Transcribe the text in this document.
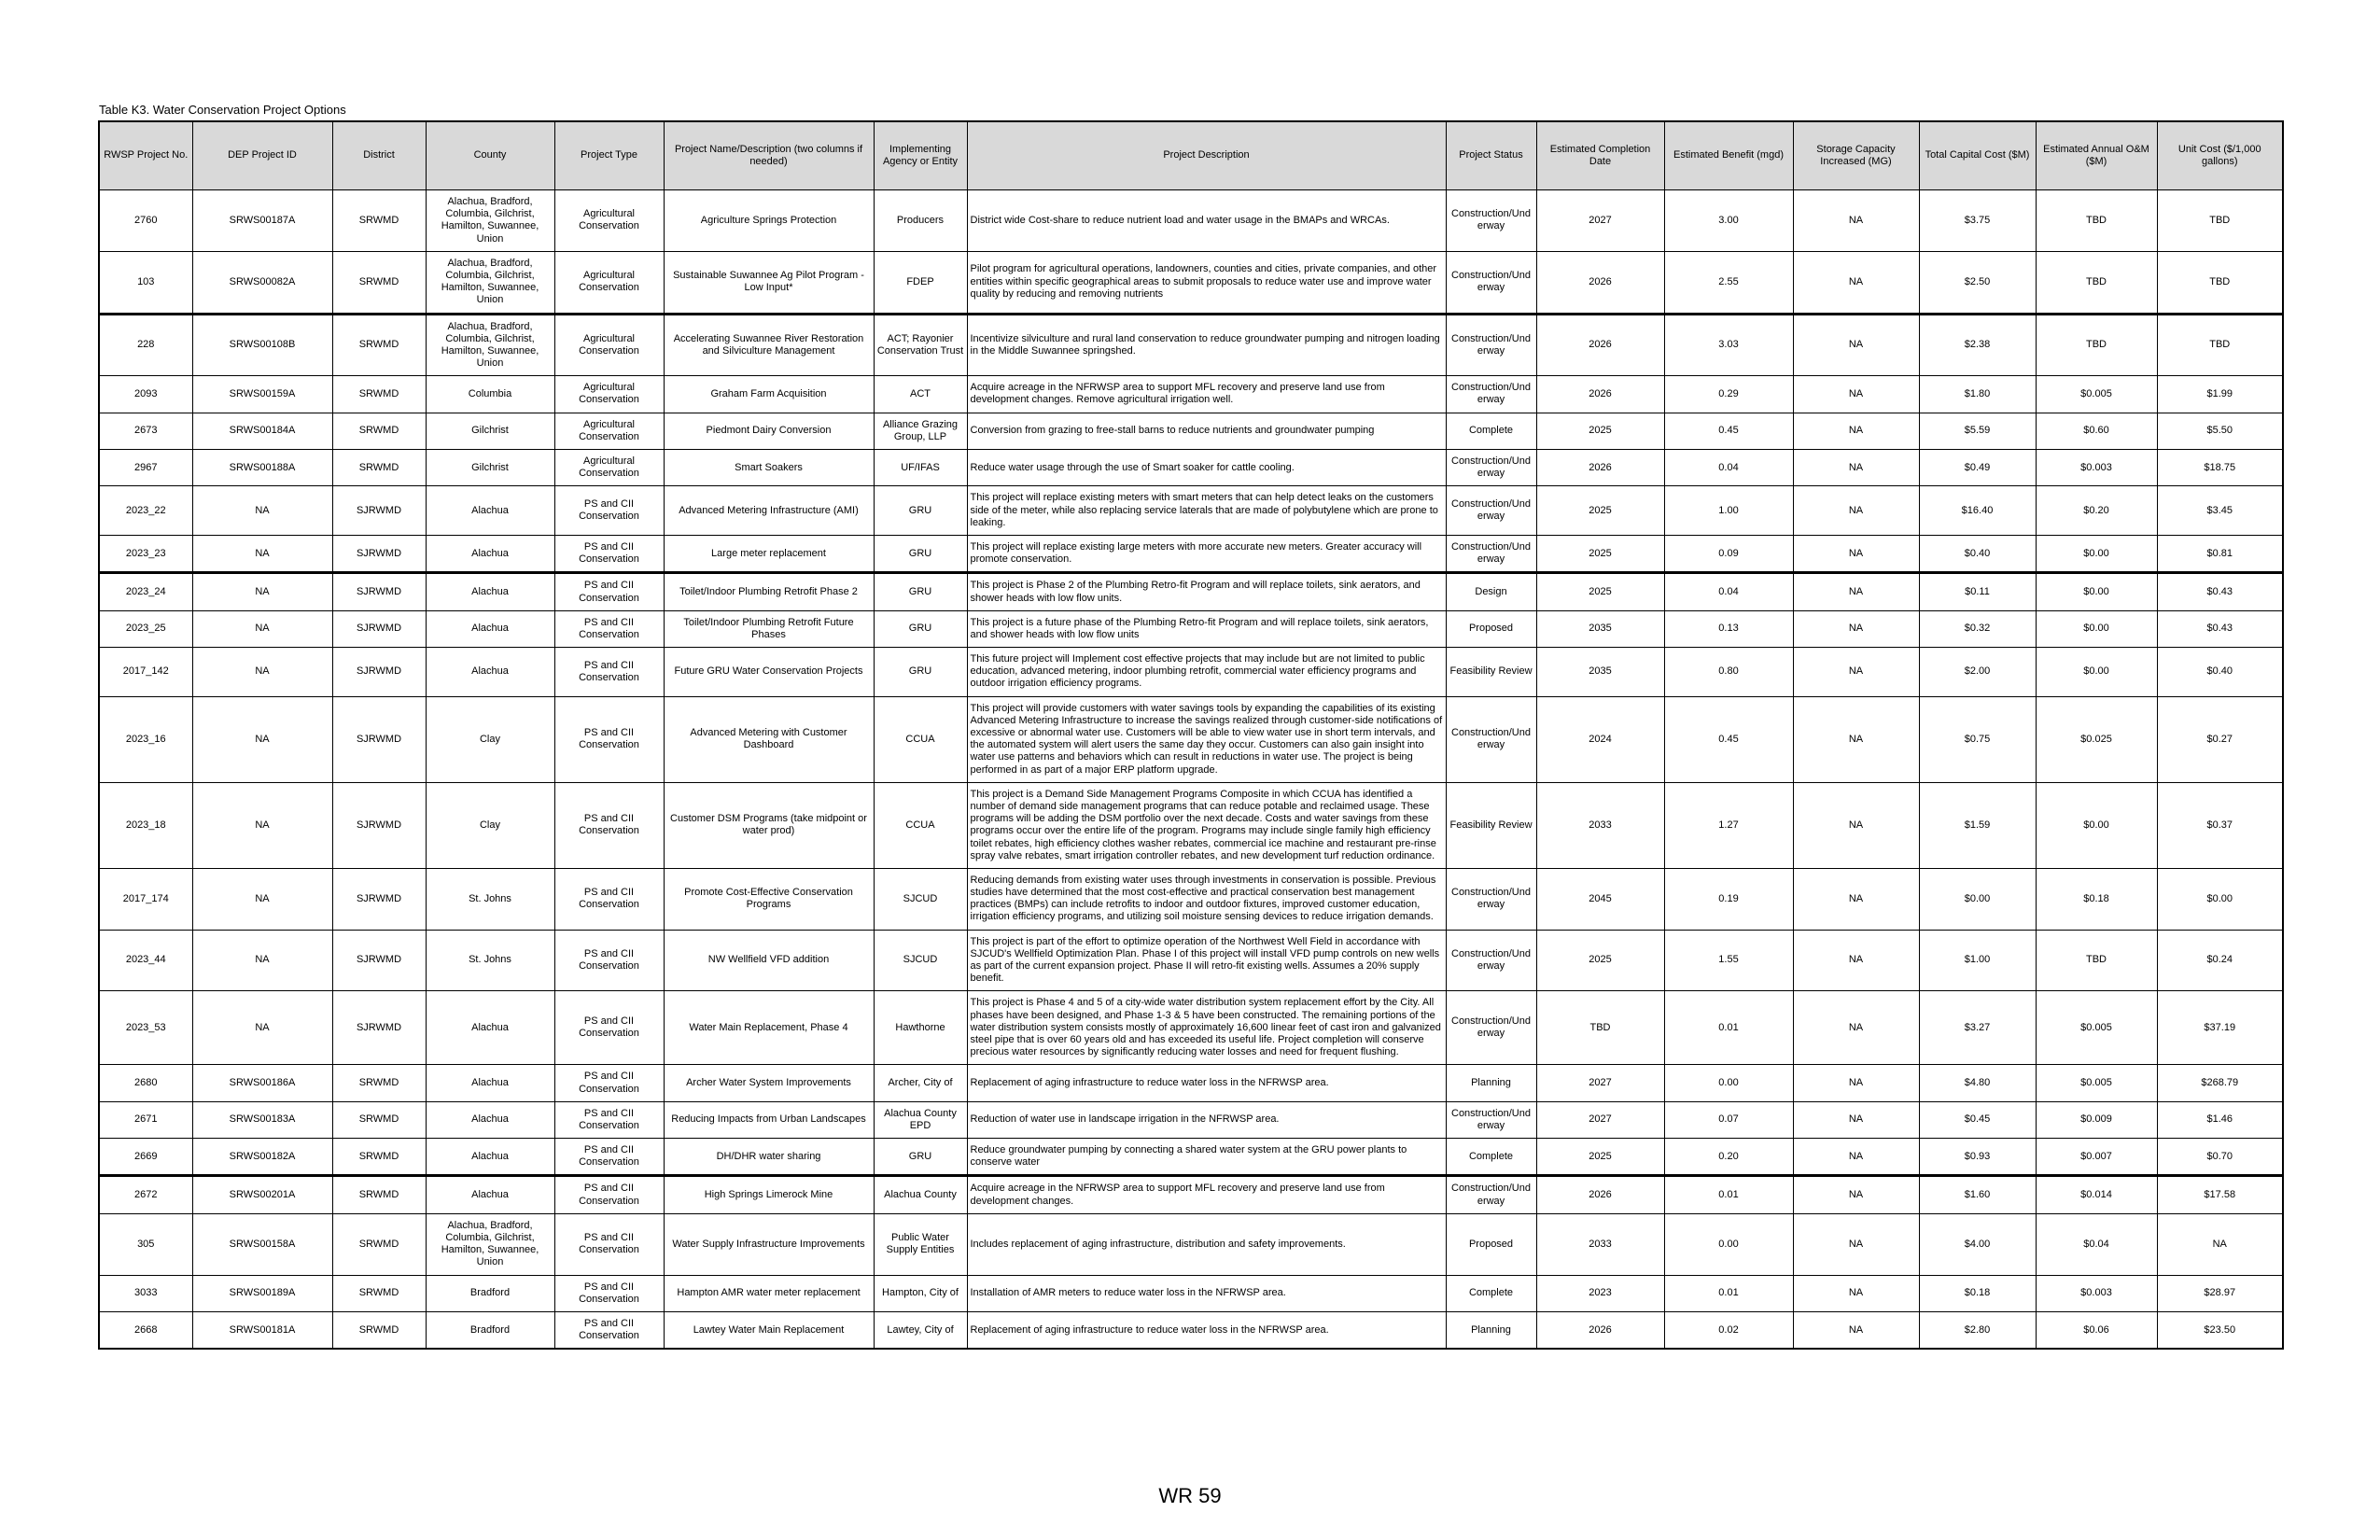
Table K3. Water Conservation Project Options
RWSP Project No.	DEP Project ID	District	County	Project Type	Project Name/Description (two columns if needed)	Implementing Agency or Entity	Project Description	Project Status	Estimated Completion Date	Estimated Benefit (mgd)	Storage Capacity Increased (MG)	Total Capital Cost ($M)	Estimated Annual O&M ($M)	Unit Cost ($/1,000 gallons)
2760	SRWS00187A	SRWMD	Alachua, Bradford, Columbia, Gilchrist, Hamilton, Suwannee, Union	Agricultural Conservation	Agriculture Springs Protection	Producers	District wide Cost-share to reduce nutrient load and water usage in the BMAPs and WRCAs.	Construction/Underway	2027	3.00	NA	$3.75	TBD	TBD
103	SRWS00082A	SRWMD	Alachua, Bradford, Columbia, Gilchrist, Hamilton, Suwannee, Union	Agricultural Conservation	Sustainable Suwannee Ag Pilot Program - Low Input*	FDEP	Pilot program for agricultural operations, landowners, counties and cities, private companies, and other entities within specific geographical areas to submit proposals to reduce water use and improve water quality by reducing and removing nutrients	Construction/Underway	2026	2.55	NA	$2.50	TBD	TBD
228	SRWS00108B	SRWMD	Alachua, Bradford, Columbia, Gilchrist, Hamilton, Suwannee, Union	Agricultural Conservation	Accelerating Suwannee River Restoration and Silviculture Management	ACT; Rayonier Conservation Trust	Incentivize silviculture and rural land conservation to reduce groundwater pumping and nitrogen loading in the Middle Suwannee springshed.	Construction/Underway	2026	3.03	NA	$2.38	TBD	TBD
2093	SRWS00159A	SRWMD	Columbia	Agricultural Conservation	Graham Farm Acquisition	ACT	Acquire acreage in the NFRWSP area to support MFL recovery and preserve land use from development changes. Remove agricultural irrigation well.	Construction/Underway	2026	0.29	NA	$1.80	$0.005	$1.99
2673	SRWS00184A	SRWMD	Gilchrist	Agricultural Conservation	Piedmont Dairy Conversion	Alliance Grazing Group, LLP	Conversion from grazing to free-stall barns to reduce nutrients and groundwater pumping	Complete	2025	0.45	NA	$5.59	$0.60	$5.50
2967	SRWS00188A	SRWMD	Gilchrist	Agricultural Conservation	Smart Soakers	UF/IFAS	Reduce water usage through the use of Smart soaker for cattle cooling.	Construction/Underway	2026	0.04	NA	$0.49	$0.003	$18.75
2023_22	NA	SJRWMD	Alachua	PS and CII Conservation	Advanced Metering Infrastructure (AMI)	GRU	This project will replace existing meters with smart meters that can help detect leaks on the customers side of the meter, while also replacing service laterals that are made of polybutylene which are prone to leaking.	Construction/Underway	2025	1.00	NA	$16.40	$0.20	$3.45
2023_23	NA	SJRWMD	Alachua	PS and CII Conservation	Large meter replacement	GRU	This project will replace existing large meters with more accurate new meters. Greater accuracy will promote conservation.	Construction/Underway	2025	0.09	NA	$0.40	$0.00	$0.81
2023_24	NA	SJRWMD	Alachua	PS and CII Conservation	Toilet/Indoor Plumbing Retrofit Phase 2	GRU	This project is Phase 2 of the Plumbing Retro-fit Program and will replace toilets, sink aerators, and shower heads with low flow units.	Design	2025	0.04	NA	$0.11	$0.00	$0.43
2023_25	NA	SJRWMD	Alachua	PS and CII Conservation	Toilet/Indoor Plumbing Retrofit Future Phases	GRU	This project is a future phase of the Plumbing Retro-fit Program and will replace toilets, sink aerators, and shower heads with low flow units	Proposed	2035	0.13	NA	$0.32	$0.00	$0.43
2017_142	NA	SJRWMD	Alachua	PS and CII Conservation	Future GRU Water Conservation Projects	GRU	This future project will Implement cost effective projects that may include but are not limited to public education, advanced metering, indoor plumbing retrofit, commercial water efficiency programs and outdoor irrigation efficiency programs.	Feasibility Review	2035	0.80	NA	$2.00	$0.00	$0.40
2023_16	NA	SJRWMD	Clay	PS and CII Conservation	Advanced Metering with Customer Dashboard	CCUA	This project will provide customers with water savings tools by expanding the capabilities of its existing Advanced Metering Infrastructure to increase the savings realized through customer-side notifications of excessive or abnormal water use. Customers will be able to view water use in short term intervals, and the automated system will alert users the same day they occur. Customers can also gain insight into water use patterns and behaviors which can result in reductions in water use. The project is being performed in as part of a major ERP platform upgrade.	Construction/Underway	2024	0.45	NA	$0.75	$0.025	$0.27
2023_18	NA	SJRWMD	Clay	PS and CII Conservation	Customer DSM Programs (take midpoint or water prod)	CCUA	This project is a Demand Side Management Programs Composite in which CCUA has identified a number of demand side management programs that can reduce potable and reclaimed usage. These programs will be adding the DSM portfolio over the next decade. Costs and water savings from these programs occur over the entire life of the program. Programs may include single family high efficiency toilet rebates, high efficiency clothes washer rebates, commercial ice machine and restaurant pre-rinse spray valve rebates, smart irrigation controller rebates, and new development turf reduction ordinance.	Feasibility Review	2033	1.27	NA	$1.59	$0.00	$0.37
2017_174	NA	SJRWMD	St. Johns	PS and CII Conservation	Promote Cost-Effective Conservation Programs	SJCUD	Reducing demands from existing water uses through investments in conservation is possible. Previous studies have determined that the most cost-effective and practical conservation best management practices (BMPs) can include retrofits to indoor and outdoor fixtures, improved customer education, irrigation efficiency programs, and utilizing soil moisture sensing devices to reduce irrigation demands.	Construction/Underway	2045	0.19	NA	$0.00	$0.18	$0.00
2023_44	NA	SJRWMD	St. Johns	PS and CII Conservation	NW Wellfield VFD addition	SJCUD	This project is part of the effort to optimize operation of the Northwest Well Field in accordance with SJCUD's Wellfield Optimization Plan. Phase I of this project will install VFD pump controls on new wells as part of the current expansion project. Phase II will retro-fit existing wells. Assumes a 20% supply benefit.	Construction/Underway	2025	1.55	NA	$1.00	TBD	$0.24
2023_53	NA	SJRWMD	Alachua	PS and CII Conservation	Water Main Replacement, Phase 4	Hawthorne	This project is Phase 4 and 5 of a city-wide water distribution system replacement effort by the City. All phases have been designed, and Phase 1-3 & 5 have been constructed. The remaining portions of the water distribution system consists mostly of approximately 16,600 linear feet of cast iron and galvanized steel pipe that is over 60 years old and has exceeded its useful life. Project completion will conserve precious water resources by significantly reducing water losses and need for frequent flushing.	Construction/Underway	TBD	0.01	NA	$3.27	$0.005	$37.19
2680	SRWS00186A	SRWMD	Alachua	PS and CII Conservation	Archer Water System Improvements	Archer, City of	Replacement of aging infrastructure to reduce water loss in the NFRWSP area.	Planning	2027	0.00	NA	$4.80	$0.005	$268.79
2671	SRWS00183A	SRWMD	Alachua	PS and CII Conservation	Reducing Impacts from Urban Landscapes	Alachua County EPD	Reduction of water use in landscape irrigation in the NFRWSP area.	Construction/Underway	2027	0.07	NA	$0.45	$0.009	$1.46
2669	SRWS00182A	SRWMD	Alachua	PS and CII Conservation	DH/DHR water sharing	GRU	Reduce groundwater pumping by connecting a shared water system at the GRU power plants to conserve water	Complete	2025	0.20	NA	$0.93	$0.007	$0.70
2672	SRWS00201A	SRWMD	Alachua	PS and CII Conservation	High Springs Limerock Mine	Alachua County	Acquire acreage in the NFRWSP area to support MFL recovery and preserve land use from development changes.	Construction/Underway	2026	0.01	NA	$1.60	$0.014	$17.58
305	SRWS00158A	SRWMD	Alachua, Bradford, Columbia, Gilchrist, Hamilton, Suwannee, Union	PS and CII Conservation	Water Supply Infrastructure Improvements	Public Water Supply Entities	Includes replacement of aging infrastructure, distribution and safety improvements.	Proposed	2033	0.00	NA	$4.00	$0.04	NA
3033	SRWS00189A	SRWMD	Bradford	PS and CII Conservation	Hampton AMR water meter replacement	Hampton, City of	Installation of AMR meters to reduce water loss in the NFRWSP area.	Complete	2023	0.01	NA	$0.18	$0.003	$28.97
2668	SRWS00181A	SRWMD	Bradford	PS and CII Conservation	Lawtey Water Main Replacement	Lawtey, City of	Replacement of aging infrastructure to reduce water loss in the NFRWSP area.	Planning	2026	0.02	NA	$2.80	$0.06	$23.50
WR 59
